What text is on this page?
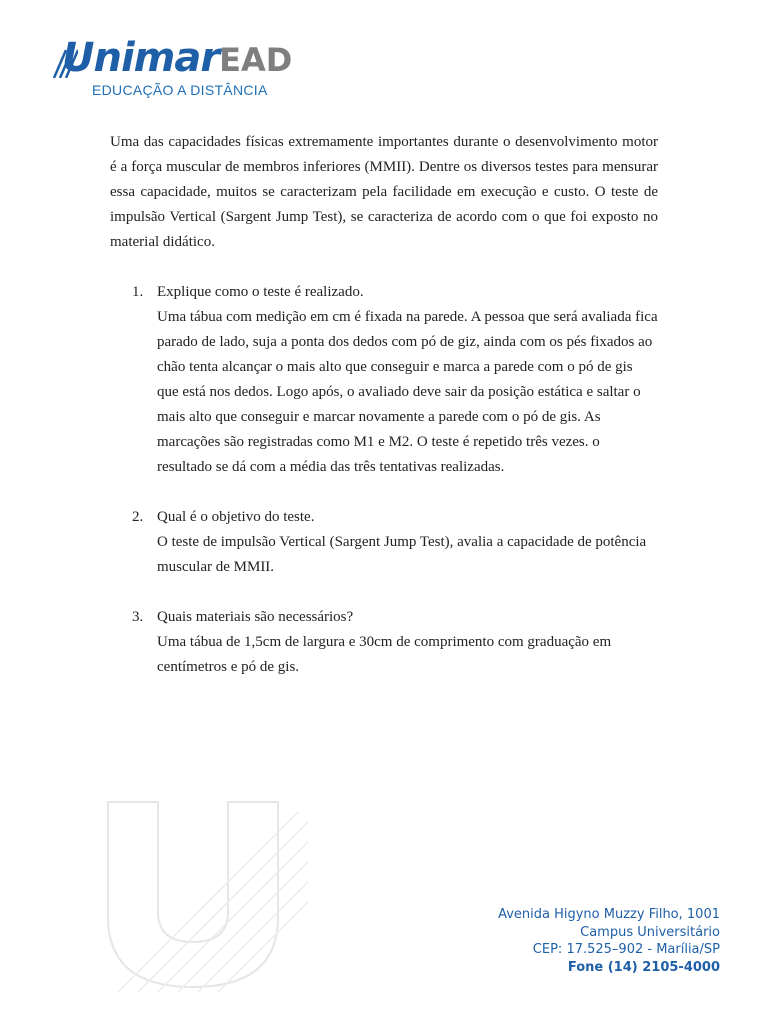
UnimarEAD
EDUCAÇÃO A DISTÂNCIA

Uma das capacidades físicas extremamente importantes durante o desenvolvimento motor é a força muscular de membros inferiores (MMII). Dentre os diversos testes para mensurar essa capacidade, muitos se caracterizam pela facilidade em execução e custo. O teste de impulsão Vertical (Sargent Jump Test), se caracteriza de acordo com o que foi exposto no material didático.

1. Explique como o teste é realizado.

Uma tábua com medição em cm é fixada na parede. A pessoa que será avaliada fica parado de lado, suja a ponta dos dedos com pó de giz, ainda com os pés fixados ao chão tenta alcançar o mais alto que conseguir e marca a parede com o pó de gis que está nos dedos. Logo após, o avaliado deve sair da posição estática e saltar o mais alto que conseguir e marcar novamente a parede com o pó de gis. As marcações são registradas como M1 e M2. O teste é repetido três vezes. o resultado se dá com a média das três tentativas realizadas.

2. Qual é o objetivo do teste.

O teste de impulsão Vertical (Sargent Jump Test), avalia a capacidade de potência muscular de MMII.

3. Quais materiais são necessários?

Uma tábua de 1,5cm de largura e 30cm de comprimento com graduação em centímetros e pó de gis.

Avenida Higyno Muzzy Filho, 1001
Campus Universitário
CEP: 17.525–902 - Marília/SP
Fone (14) 2105-4000
